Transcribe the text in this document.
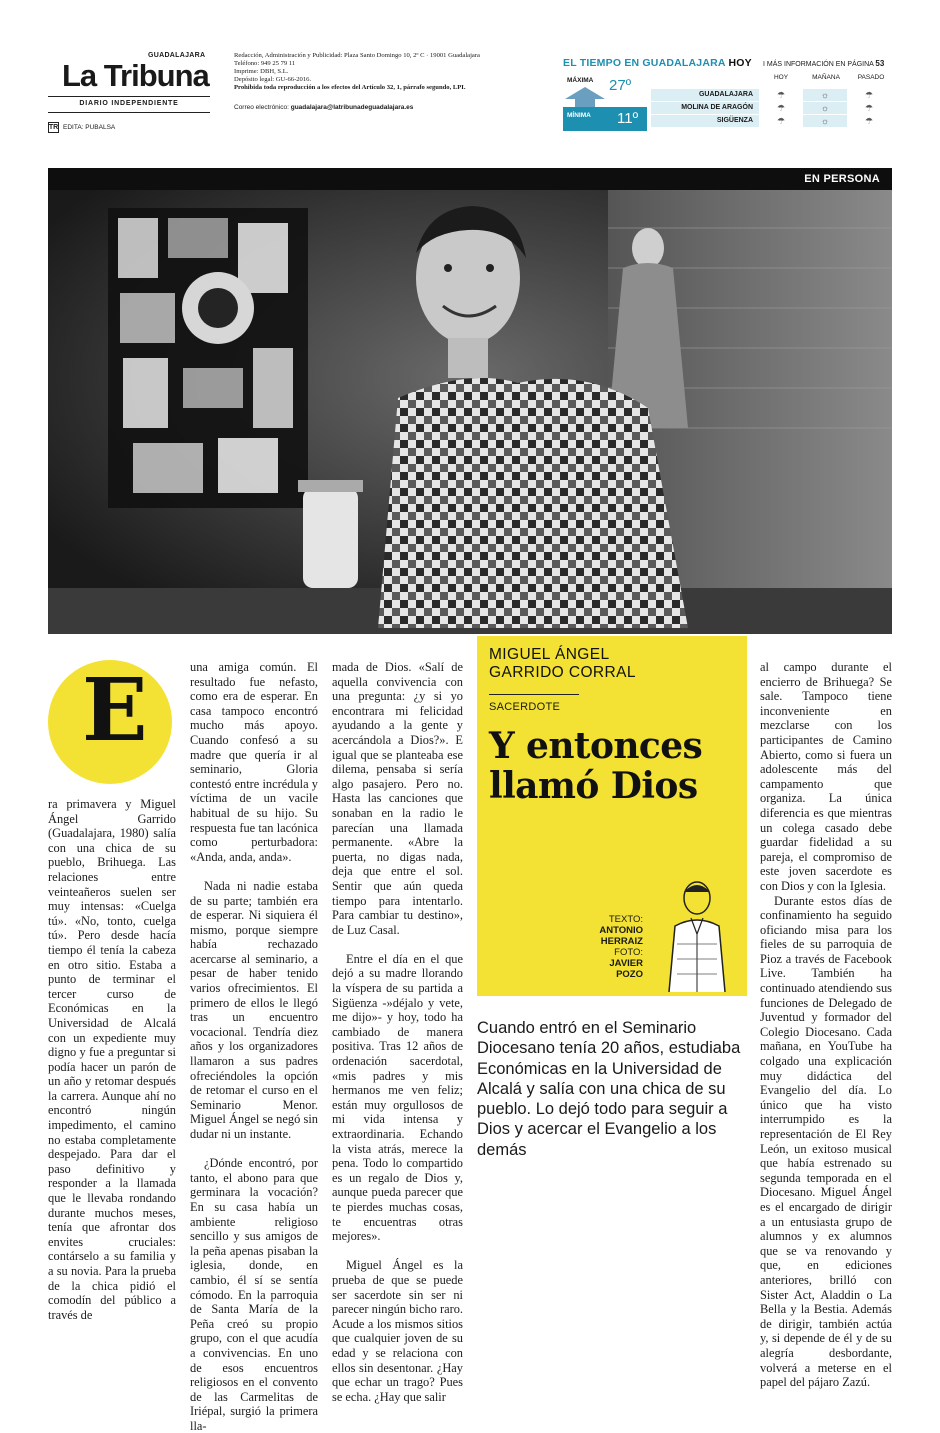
GUADALAJARA
La Tribuna
DIARIO INDEPENDIENTE
TR EDITA: PUBALSA
Redacción, Administración y Publicidad: Plaza Santo Domingo 10, 2º C · 19001 Guadalajara
Teléfono: 949 25 79 11
Imprime: DBH, S.L.
Depósito legal: GU-66-2016.
Prohibida toda reproducción a los efectos del Artículo 32, 1, párrafo segundo, LPI.
Correo electrónico: guadalajara@latribunadeguadalajara.es
EL TIEMPO EN GUADALAJARA HOY I MÁS INFORMACIÓN EN PÁGINA 53
HOY	MAÑANA	PASADO
MÁXIMA 27º
MÍNIMA 11º
GUADALAJARA	☂	☼	☂
MOLINA DE ARAGÓN	☂	☼	☂
SIGÜENZA	☂	☼	☂
EN PERSONA
E

ra primavera y Miguel Ángel Garrido (Guadalajara, 1980) salía con una chica de su pueblo, Brihuega. Las relaciones entre veinteañeros suelen ser muy intensas: «Cuelga tú». «No, tonto, cuelga tú». Pero desde hacía tiempo él tenía la cabeza en otro sitio. Estaba a punto de terminar el tercer curso de Económicas en la Universidad de Alcalá con un expediente muy digno y fue a preguntar si podía hacer un parón de un año y retomar después la carrera. Aunque ahí no encontró ningún impedimento, el camino no estaba completamente despejado. Para dar el paso definitivo y responder a la llamada que le llevaba rondando durante muchos meses, tenía que afrontar dos envites cruciales: contárselo a su familia y a su novia. Para la prueba de la chica pidió el comodín del público a través de

una amiga común. El resultado fue nefasto, como era de esperar. En casa tampoco encontró mucho más apoyo. Cuando confesó a su madre que quería ir al seminario, Gloria contestó entre incrédula y víctima de un vacile habitual de su hijo. Su respuesta fue tan lacónica como perturbadora: «Anda, anda, anda».

Nada ni nadie estaba de su parte; también era de esperar. Ni siquiera él mismo, porque siempre había rechazado acercarse al seminario, a pesar de haber tenido varios ofrecimientos. El primero de ellos le llegó tras un encuentro vocacional. Tendría diez años y los organizadores llamaron a sus padres ofreciéndoles la opción de retomar el curso en el Seminario Menor. Miguel Ángel se negó sin dudar ni un instante.

¿Dónde encontró, por tanto, el abono para que germinara la vocación? En su casa había un ambiente religioso sencillo y sus amigos de la peña apenas pisaban la iglesia, donde, en cambio, él sí se sentía cómodo. En la parroquia de Santa María de la Peña creó su propio grupo, con el que acudía a convivencias. En uno de esos encuentros religiosos en el convento de las Carmelitas de Iriépal, surgió la primera lla-

mada de Dios. «Salí de aquella convivencia con una pregunta: ¿y si yo encontrara mi felicidad ayudando a la gente y acercándola a Dios?». E igual que se planteaba ese dilema, pensaba si sería algo pasajero. Pero no. Hasta las canciones que sonaban en la radio le parecían una llamada permanente. «Abre la puerta, no digas nada, deja que entre el sol. Sentir que aún queda tiempo para intentarlo. Para cambiar tu destino», de Luz Casal.

Entre el día en el que dejó a su madre llorando la víspera de su partida a Sigüenza -»déjalo y vete, me dijo»- y hoy, todo ha cambiado de manera positiva. Tras 12 años de ordenación sacerdotal, «mis padres y mis hermanos me ven feliz; están muy orgullosos de mi vida intensa y extraordinaria. Echando la vista atrás, merece la pena. Todo lo compartido es un regalo de Dios y, aunque pueda parecer que te pierdes muchas cosas, te encuentras otras mejores».

Miguel Ángel es la prueba de que se puede ser sacerdote sin ser ni parecer ningún bicho raro. Acude a los mismos sitios que cualquier joven de su edad y se relaciona con ellos sin desentonar. ¿Hay que echar un trago? Pues se echa. ¿Hay que salir

al campo durante el encierro de Brihuega? Se sale. Tampoco tiene inconveniente en mezclarse con los participantes de Camino Abierto, como si fuera un adolescente más del campamento que organiza. La única diferencia es que mientras un colega casado debe guardar fidelidad a su pareja, el compromiso de este joven sacerdote es con Dios y con la Iglesia.

Durante estos días de confinamiento ha seguido oficiando misa para los fieles de su parroquia de Pioz a través de Facebook Live. También ha continuado atendiendo sus funciones de Delegado de Juventud y formador del Colegio Diocesano. Cada mañana, en YouTube ha colgado una explicación muy didáctica del Evangelio del día. Lo único que ha visto interrumpido es la representación de El Rey León, un exitoso musical que había estrenado su segunda temporada en el Diocesano. Miguel Ángel es el encargado de dirigir a un entusiasta grupo de alumnos y ex alumnos que se va renovando y que, en ediciones anteriores, brilló con Sister Act, Aladdin o La Bella y la Bestia. Además de dirigir, también actúa y, si depende de él y de su alegría desbordante, volverá a meterse en el papel del pájaro Zazú.

MIGUEL ÁNGEL
GARRIDO CORRAL
SACERDOTE
Y entonces llamó Dios
TEXTO:
ANTONIO HERRAIZ
FOTO:
JAVIER POZO
Cuando entró en el Seminario Diocesano tenía 20 años, estudiaba Económicas en la Universidad de Alcalá y salía con una chica de su pueblo. Lo dejó todo para seguir a Dios y acercar el Evangelio a los demás
